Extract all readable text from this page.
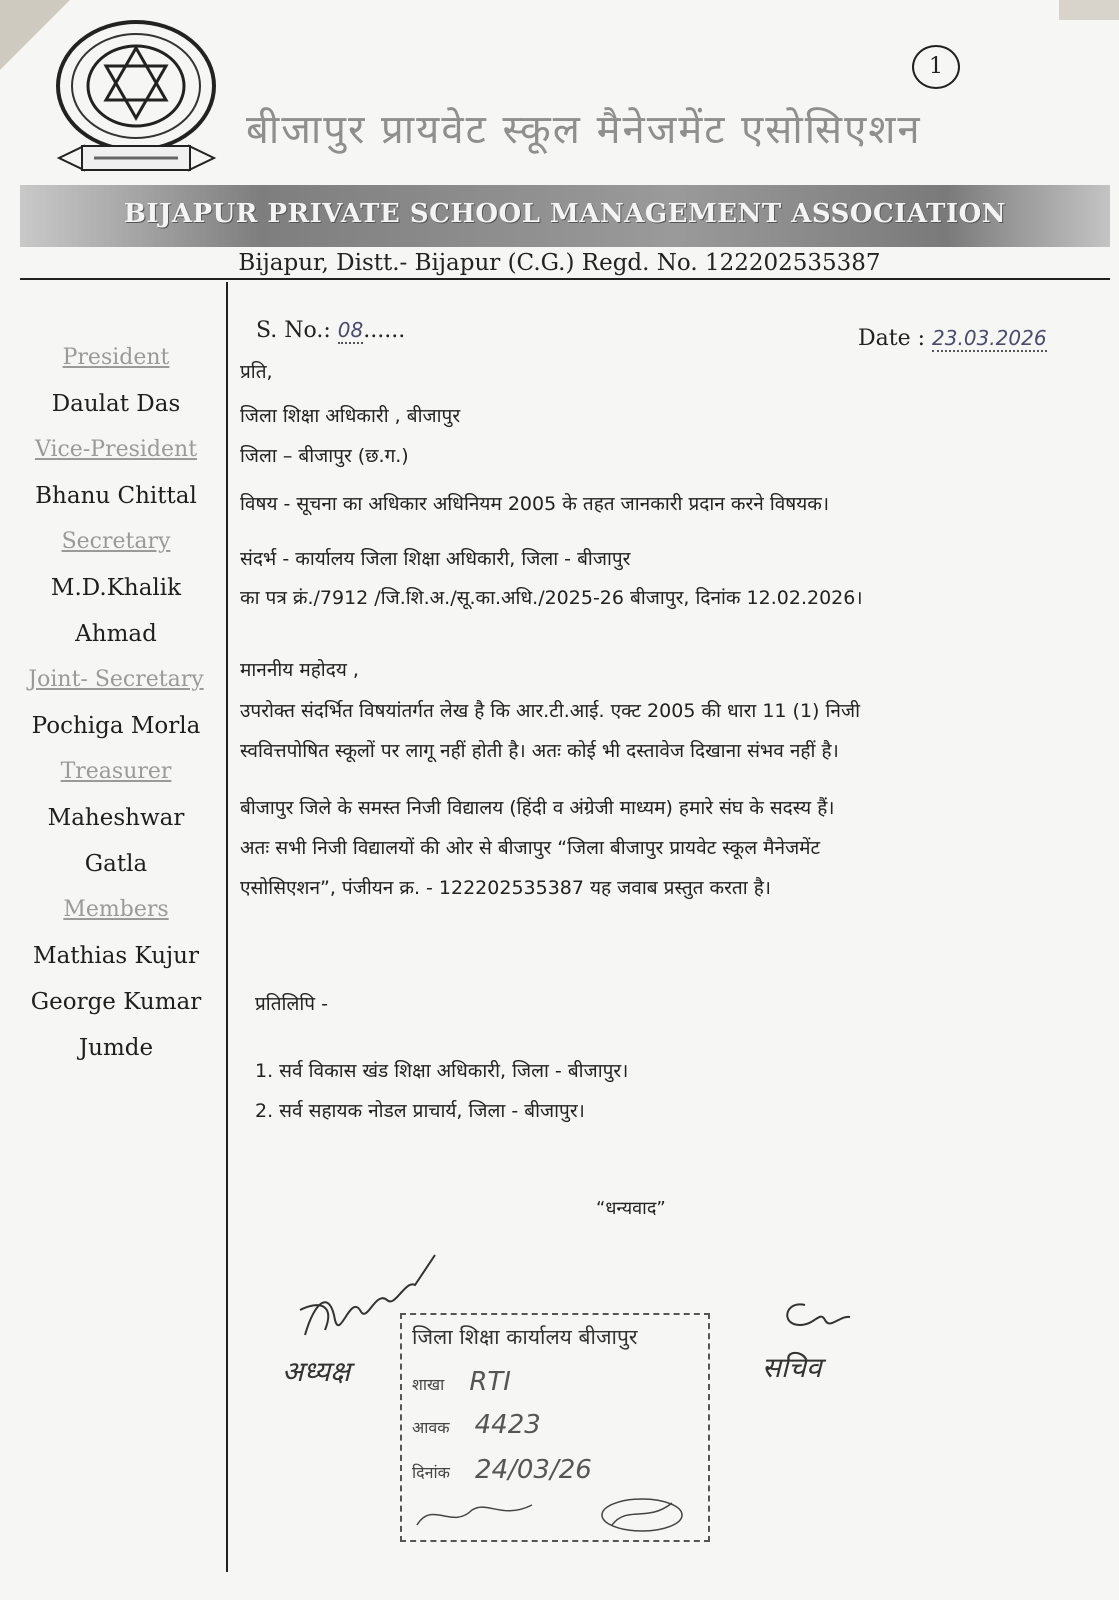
1
बीजापुर प्रायवेट स्कूल मैनेजमेंट एसोसिएशन
BIJAPUR PRIVATE SCHOOL MANAGEMENT ASSOCIATION
Bijapur, Distt.- Bijapur (C.G.) Regd. No. 122202535387
President
Daulat Das
Vice-President
Bhanu Chittal
Secretary
M.D.Khalik
Ahmad
Joint- Secretary
Pochiga Morla
Treasurer
Maheshwar
Gatla
Members
Mathias Kujur
George Kumar
Jumde
S. No.: 08......	Date : 23.03.2026
प्रति,
जिला शिक्षा अधिकारी , बीजापुर
जिला – बीजापुर (छ.ग.)
विषय - सूचना का अधिकार अधिनियम 2005 के तहत जानकारी प्रदान करने विषयक।
संदर्भ - कार्यालय जिला शिक्षा अधिकारी, जिला - बीजापुर
का पत्र क्रं./7912 /जि.शि.अ./सू.का.अधि./2025-26 बीजापुर, दिनांक 12.02.2026।
माननीय महोदय ,
उपरोक्त संदर्भित विषयांतर्गत लेख है कि आर.टी.आई. एक्ट 2005 की धारा 11 (1) निजी
स्ववित्तपोषित स्कूलों पर लागू नहीं होती है। अतः कोई भी दस्तावेज दिखाना संभव नहीं है।
बीजापुर जिले के समस्त निजी विद्यालय (हिंदी व अंग्रेजी माध्यम) हमारे संघ के सदस्य हैं।
अतः सभी निजी विद्यालयों की ओर से बीजापुर “जिला बीजापुर प्रायवेट स्कूल मैनेजमेंट
एसोसिएशन”, पंजीयन क्र. - 122202535387 यह जवाब प्रस्तुत करता है।
प्रतिलिपि -
1. सर्व विकास खंड शिक्षा अधिकारी, जिला - बीजापुर।
2. सर्व सहायक नोडल प्राचार्य, जिला - बीजापुर।
“धन्यवाद”
अध्यक्ष	सचिव
जिला शिक्षा कार्यालय बीजापुर
शाखा RTI
आवक 4423
दिनांक 24/03/26
